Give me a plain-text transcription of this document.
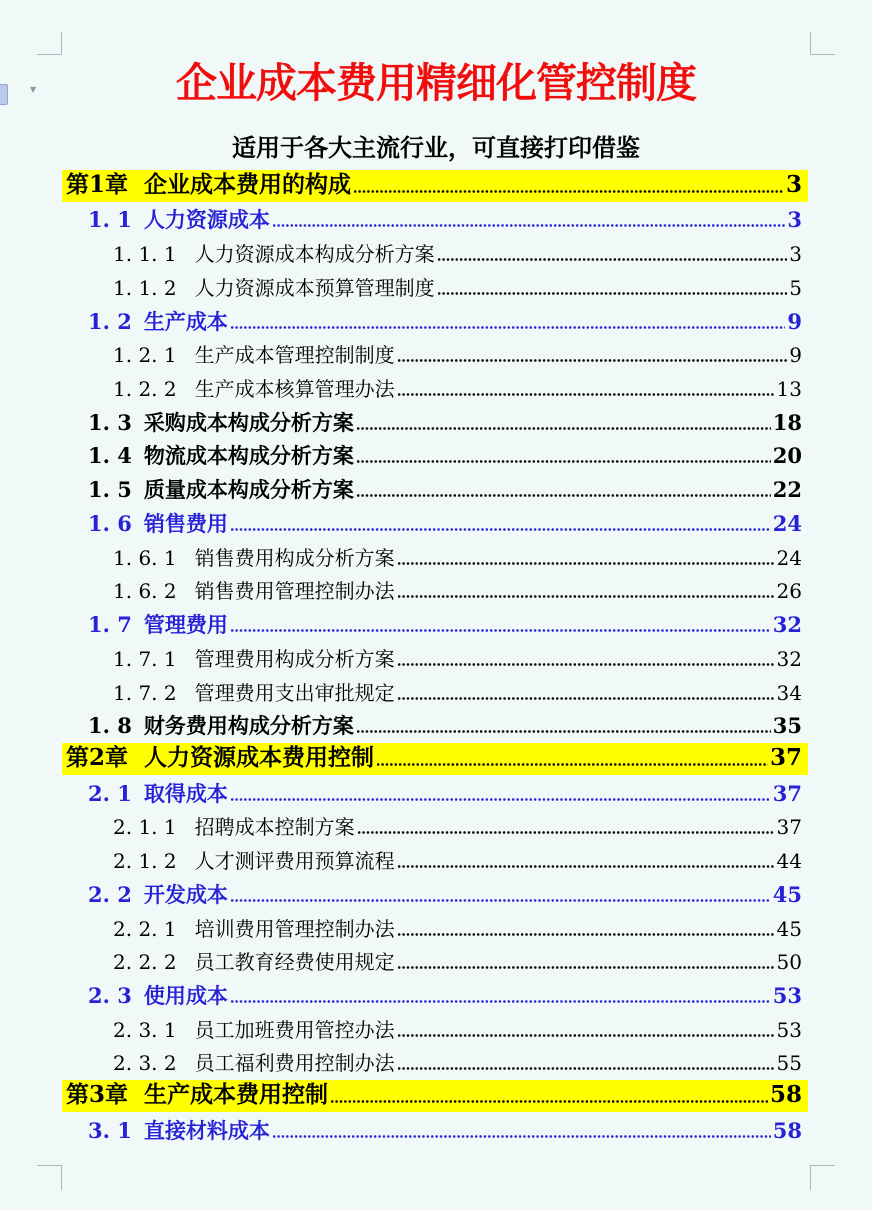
▾	企业成本费用精细化管控制度
适用于各大主流行业，可直接打印借鉴
第1章 企业成本费用的构成	3
1. 1 人力资源成本	3
1. 1. 1 人力资源成本构成分析方案	3
1. 1. 2 人力资源成本预算管理制度	5
1. 2 生产成本	9
1. 2. 1 生产成本管理控制制度	9
1. 2. 2 生产成本核算管理办法	13
1. 3 采购成本构成分析方案	18
1. 4 物流成本构成分析方案	20
1. 5 质量成本构成分析方案	22
1. 6 销售费用	24
1. 6. 1 销售费用构成分析方案	24
1. 6. 2 销售费用管理控制办法	26
1. 7 管理费用	32
1. 7. 1 管理费用构成分析方案	32
1. 7. 2 管理费用支出审批规定	34
1. 8 财务费用构成分析方案	35
第2章 人力资源成本费用控制	37
2. 1 取得成本	37
2. 1. 1 招聘成本控制方案	37
2. 1. 2 人才测评费用预算流程	44
2. 2 开发成本	45
2. 2. 1 培训费用管理控制办法	45
2. 2. 2 员工教育经费使用规定	50
2. 3 使用成本	53
2. 3. 1 员工加班费用管控办法	53
2. 3. 2 员工福利费用控制办法	55
第3章 生产成本费用控制	58
3. 1 直接材料成本	58
